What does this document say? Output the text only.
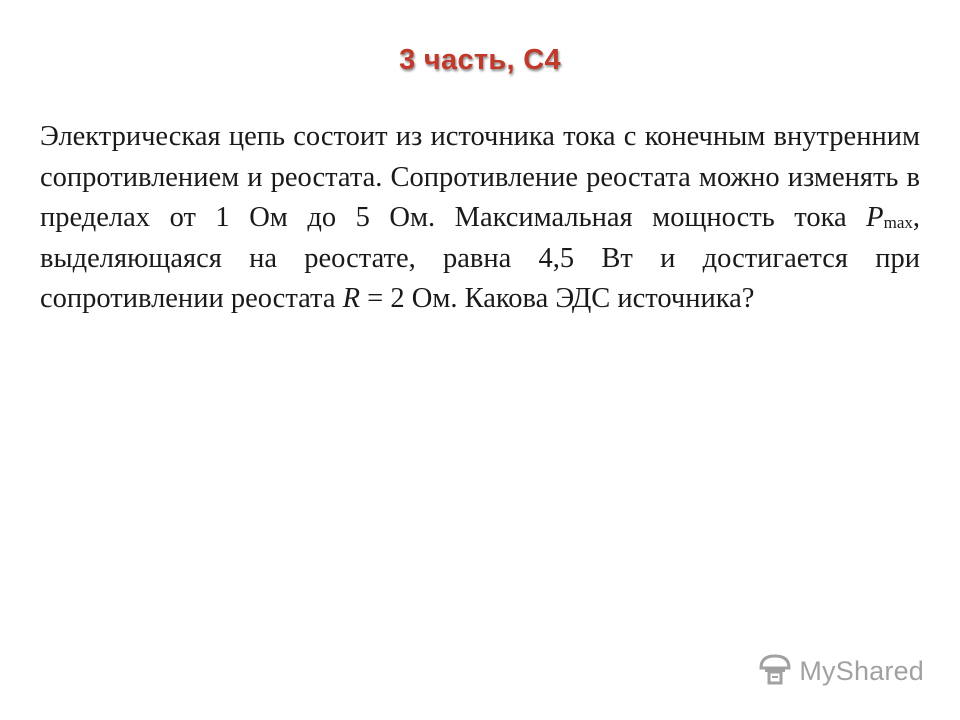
3 часть, С4

Электрическая цепь состоит из источника тока с конечным внутренним сопротивлением и реостата. Сопротивление реостата можно изменять в пределах от 1 Ом до 5 Ом. Максимальная мощность тока $P_{max}$, выделяющаяся на реостате, равна 4,5 Вт и достигается при сопротивлении реостата R = 2 Ом. Какова ЭДС источника?

MyShared
